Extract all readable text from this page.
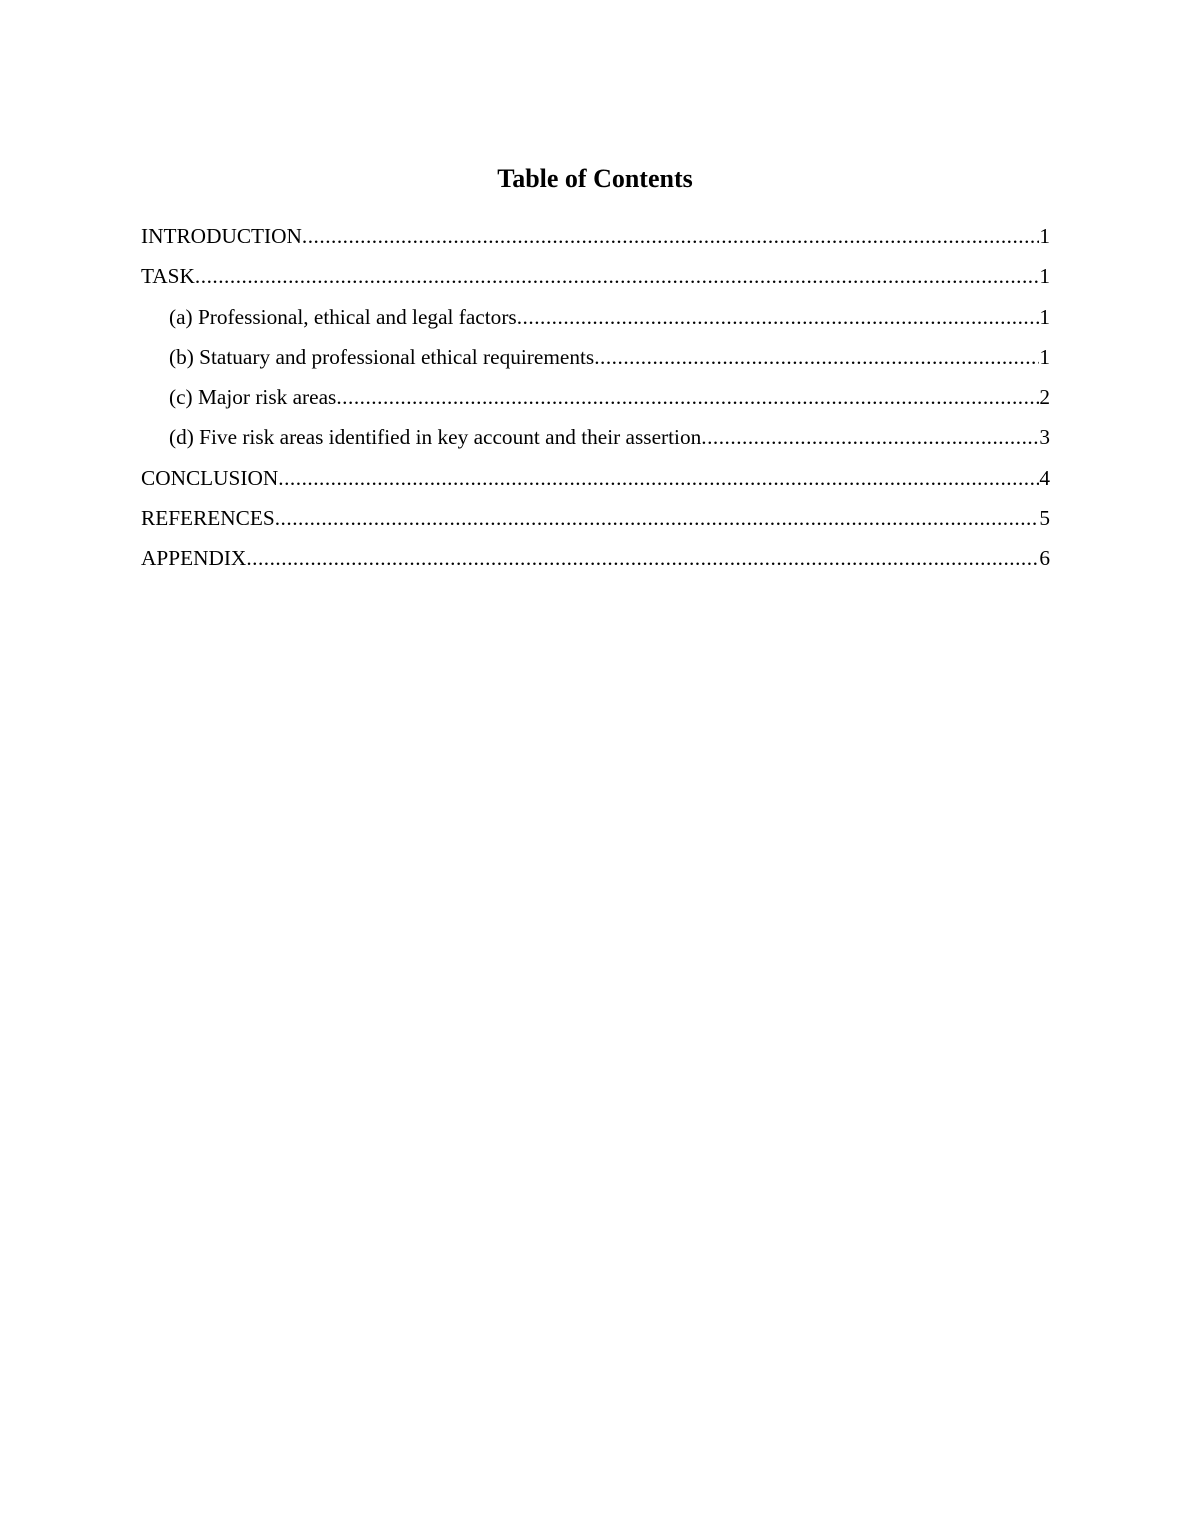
Table of Contents
INTRODUCTION .....	1
TASK .....	1
(a) Professional, ethical and legal factors .....	1
(b) Statuary and professional ethical requirements .....	1
(c) Major risk areas .....	2
(d) Five risk areas identified in key account and their assertion .....	3
CONCLUSION .....	4
REFERENCES .....	5
APPENDIX .....	6
